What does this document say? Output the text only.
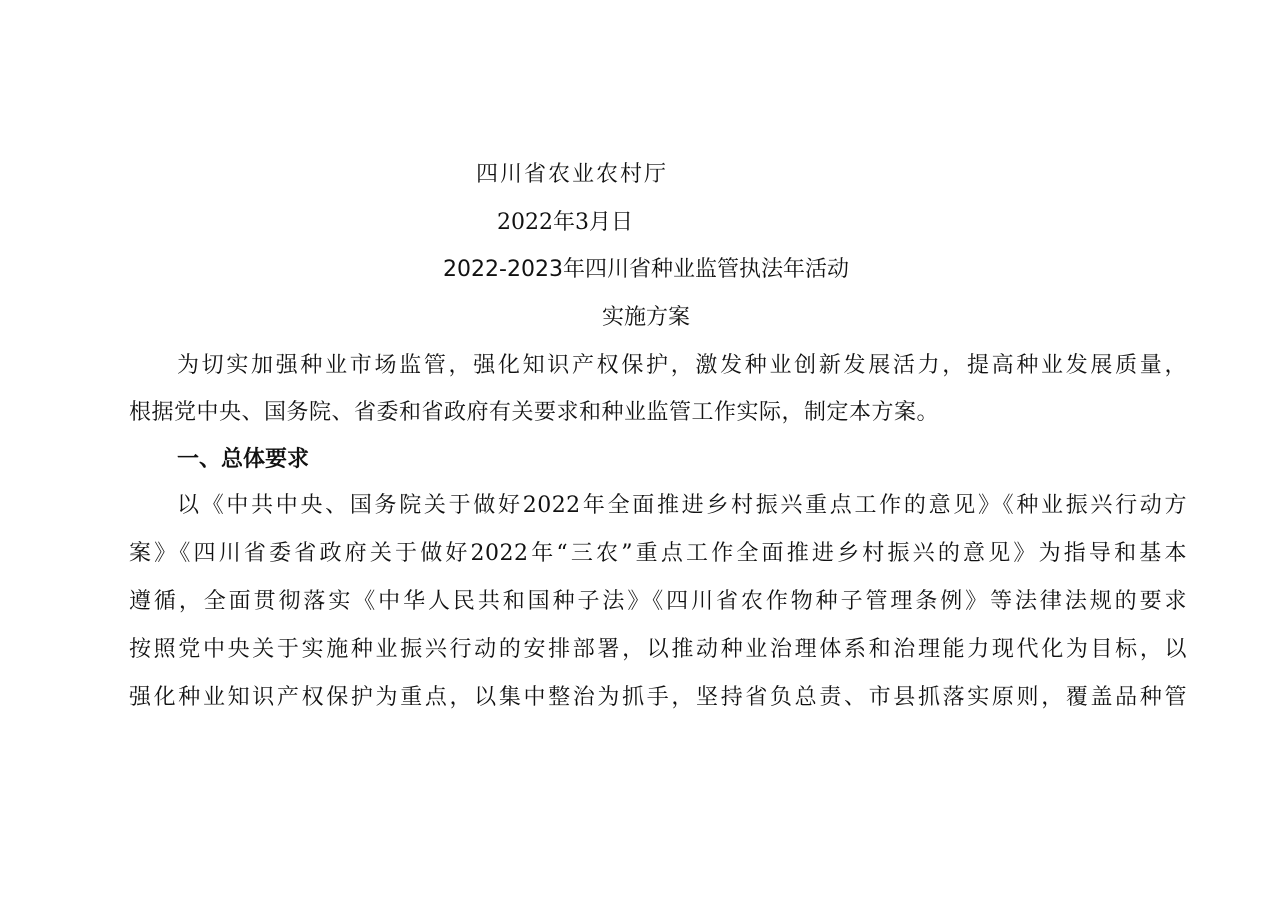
四川省农业农村厅
2022年3月日
2022-2023年四川省种业监管执法年活动
实施方案
为切实加强种业市场监管，强化知识产权保护，激发种业创新发展活力，提高种业发展质量，
根据党中央、国务院、省委和省政府有关要求和种业监管工作实际，制定本方案。
一、总体要求
以《中共中央、国务院关于做好2022年全面推进乡村振兴重点工作的意见》《种业振兴行动方
案》《四川省委省政府关于做好2022年“三农”重点工作全面推进乡村振兴的意见》为指导和基本
遵循，全面贯彻落实《中华人民共和国种子法》《四川省农作物种子管理条例》等法律法规的要求
按照党中央关于实施种业振兴行动的安排部署，以推动种业治理体系和治理能力现代化为目标，以
强化种业知识产权保护为重点，以集中整治为抓手，坚持省负总责、市县抓落实原则，覆盖品种管
